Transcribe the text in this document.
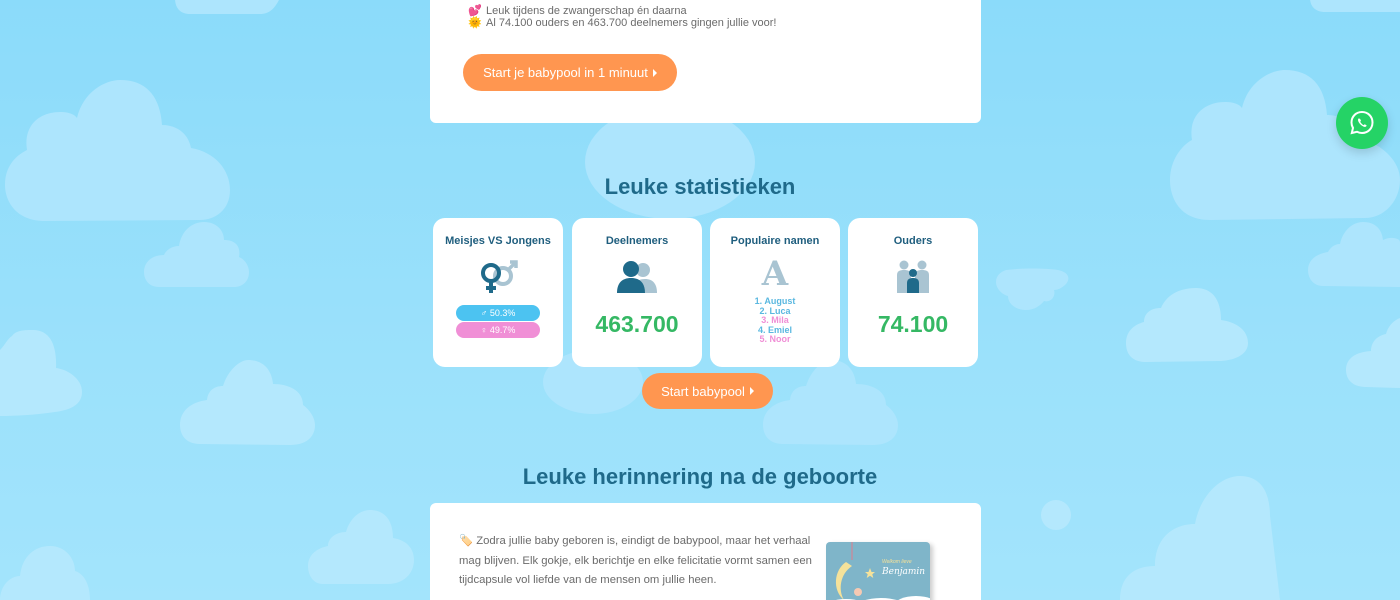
💕 Leuk tijdens de zwangerschap én daarna
🌞 Al 74.100 ouders en 463.700 deelnemers gingen jullie voor!
Start je babypool in 1 minuut
Leuke statistieken
Meisjes VS Jongens
♂ 50.3%
♀ 49.7%
Deelnemers
463.700
Populaire namen
A
1. August
2. Luca
3. Mila
4. Emiel
5. Noor
Ouders
74.100
Start babypool
Leuke herinnering na de geboorte
🏷️ Zodra jullie baby geboren is, eindigt de babypool, maar het verhaal mag blijven. Elk gokje, elk berichtje en elke felicitatie vormt samen een tijdcapsule vol liefde van de mensen om jullie heen.
Welkom lieve
Benjamin
